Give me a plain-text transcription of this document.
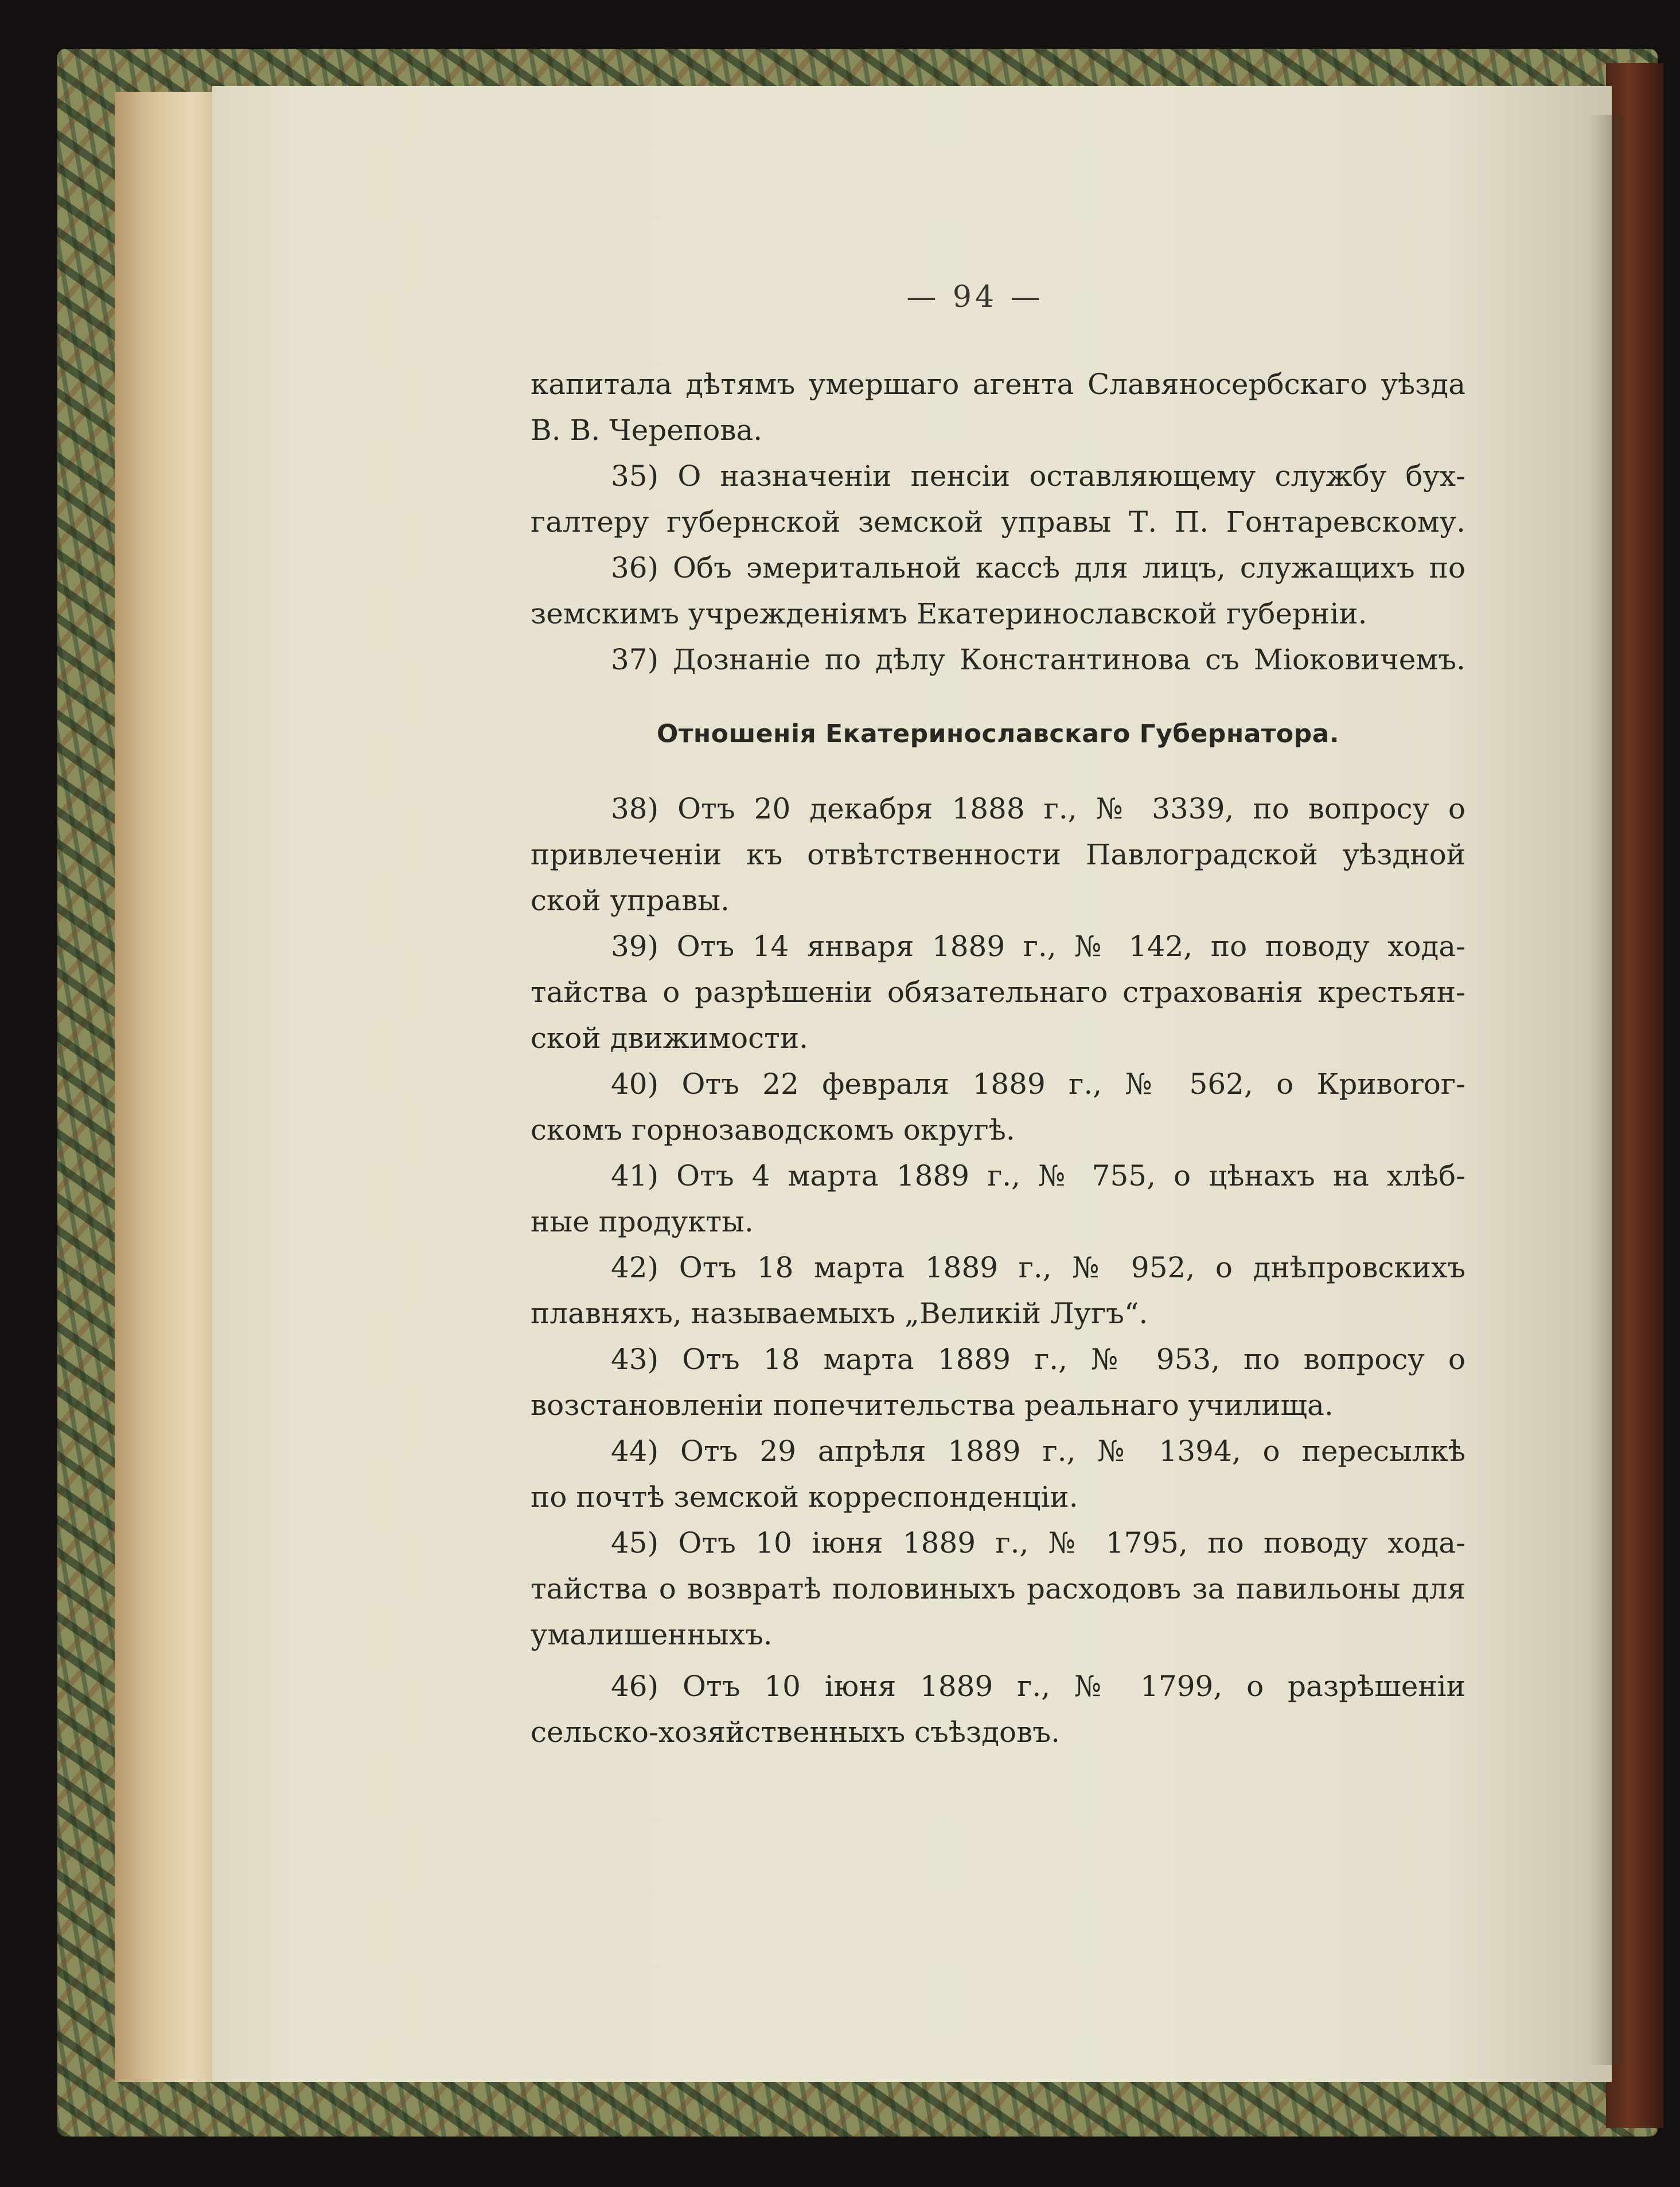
— 94 —
капитала дѣтямъ умершаго агента Славяносербскаго уѣзда
В. В. Черепова.
35) О назначеніи пенсіи оставляющему службу бух-
галтеру губернской земской управы Т. П. Гонтаревскому.
36) Объ эмеритальной кассѣ для лицъ, служащихъ по
земскимъ учрежденіямъ Екатеринославской губерніи.
37) Дознаніе по дѣлу Константинова съ Міоковичемъ.
Отношенія Екатеринославскаго Губернатора.
38) Отъ 20 декабря 1888 г., № 3339, по вопросу о
привлеченіи къ отвѣтственности Павлоградской уѣздной
ской управы.
39) Отъ 14 января 1889 г., № 142, по поводу хода-
тайства о разрѣшеніи обязательнаго страхованія крестьян-
ской движимости.
40) Отъ 22 февраля 1889 г., № 562, о Кривorог-
скомъ горнозаводскомъ округѣ.
41) Отъ 4 марта 1889 г., № 755, о цѣнахъ на хлѣб-
ные продукты.
42) Отъ 18 марта 1889 г., № 952, о днѣпровскихъ
плавняхъ, называемыхъ „Великій Лугъ“.
43) Отъ 18 марта 1889 г., № 953, по вопросу о
возстановленіи попечительства реальнаго училища.
44) Отъ 29 апрѣля 1889 г., № 1394, о пересылкѣ
по почтѣ земской корреспонденціи.
45) Отъ 10 іюня 1889 г., № 1795, по поводу хода-
тайства о возвратѣ половиныхъ расходовъ за павильоны для
умалишенныхъ.
46) Отъ 10 іюня 1889 г., № 1799, о разрѣшеніи
сельско-хозяйственныхъ съѣздовъ.
